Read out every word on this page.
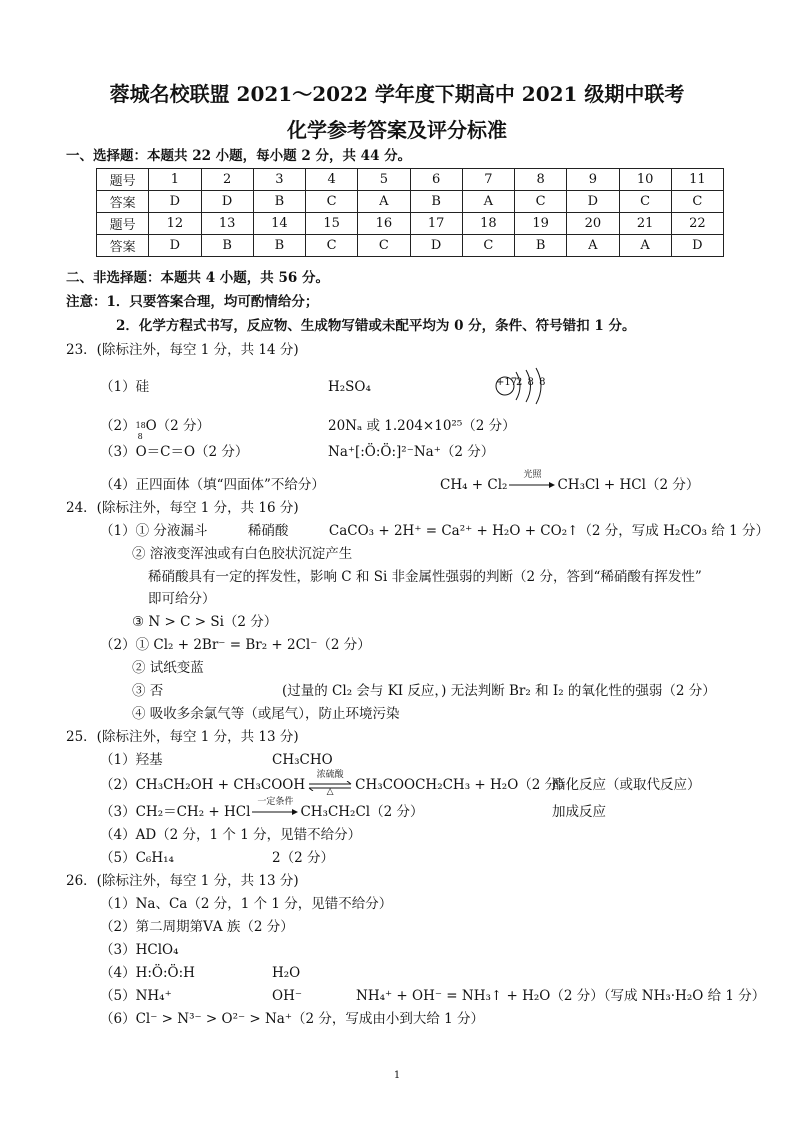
蓉城名校联盟 2021～2022 学年度下期高中 2021 级期中联考
化学参考答案及评分标准
一、选择题：本题共 22 小题，每小题 2 分，共 44 分。
题号	1	2	3	4	5	6	7	8	9	10	11
答案	D	D	B	C	A	B	A	C	D	C	C
题号	12	13	14	15	16	17	18	19	20	21	22
答案	D	B	B	C	C	D	C	B	A	A	D
二、非选择题：本题共 4 小题，共 56 分。
注意：1．只要答案合理，均可酌情给分；
2．化学方程式书写，反应物、生成物写错或未配平均为 0 分，条件、符号错扣 1 分。
23．(除标注外，每空 1 分，共 14 分)
（1）硅	H₂SO₄	+17
2 8 8
（2） 18
8
O（2 分）	20Nₐ 或 1.204×10²⁵（2 分）
（3）O＝C＝O（2 分）	Na⁺[:Ö:Ö:]²⁻Na⁺（2 分）
（4）正四面体（填“四面体”不给分）	CH₄ + Cl₂
光照
CH₃Cl + HCl（2 分）
24．(除标注外，每空 1 分，共 16 分)
（1）① 分液漏斗　　　稀硝酸　　　CaCO₃ + 2H⁺ = Ca²⁺ + H₂O + CO₂↑（2 分，写成 H₂CO₃ 给 1 分）
② 溶液变浑浊或有白色胶状沉淀产生
稀硝酸具有一定的挥发性，影响 C 和 Si 非金属性强弱的判断（2 分，答到“稀硝酸有挥发性”
即可给分）
③ N > C > Si（2 分）
（2）① Cl₂ + 2Br⁻ = Br₂ + 2Cl⁻（2 分）
② 试纸变蓝
③ 否	(过量的 Cl₂ 会与 KI 反应，) 无法判断 Br₂ 和 I₂ 的氧化性的强弱（2 分）
④ 吸收多余氯气等（或尾气），防止环境污染
25．(除标注外，每空 1 分，共 13 分)
（1）羟基	CH₃CHO
（2）CH₃CH₂OH + CH₃COOH
浓硫酸
△	CH₃COOCH₂CH₃ + H₂O（2 分）
酯化反应（或取代反应）
（3）CH₂＝CH₂ + HCl
一定条件
CH₃CH₂Cl（2 分）	加成反应
（4）AD（2 分，1 个 1 分，见错不给分）
（5）C₆H₁₄	2（2 分）
26．(除标注外，每空 1 分，共 13 分)
（1）Na、Ca（2 分，1 个 1 分，见错不给分）
（2）第二周期第ⅤA 族（2 分）
（3）HClO₄
（4）H:Ö:Ö:H	H₂O
（5）NH₄⁺	OH⁻	NH₄⁺ + OH⁻ = NH₃↑ + H₂O（2 分）（写成 NH₃·H₂O 给 1 分）
（6）Cl⁻ > N³⁻ > O²⁻ > Na⁺（2 分，写成由小到大给 1 分）
1
